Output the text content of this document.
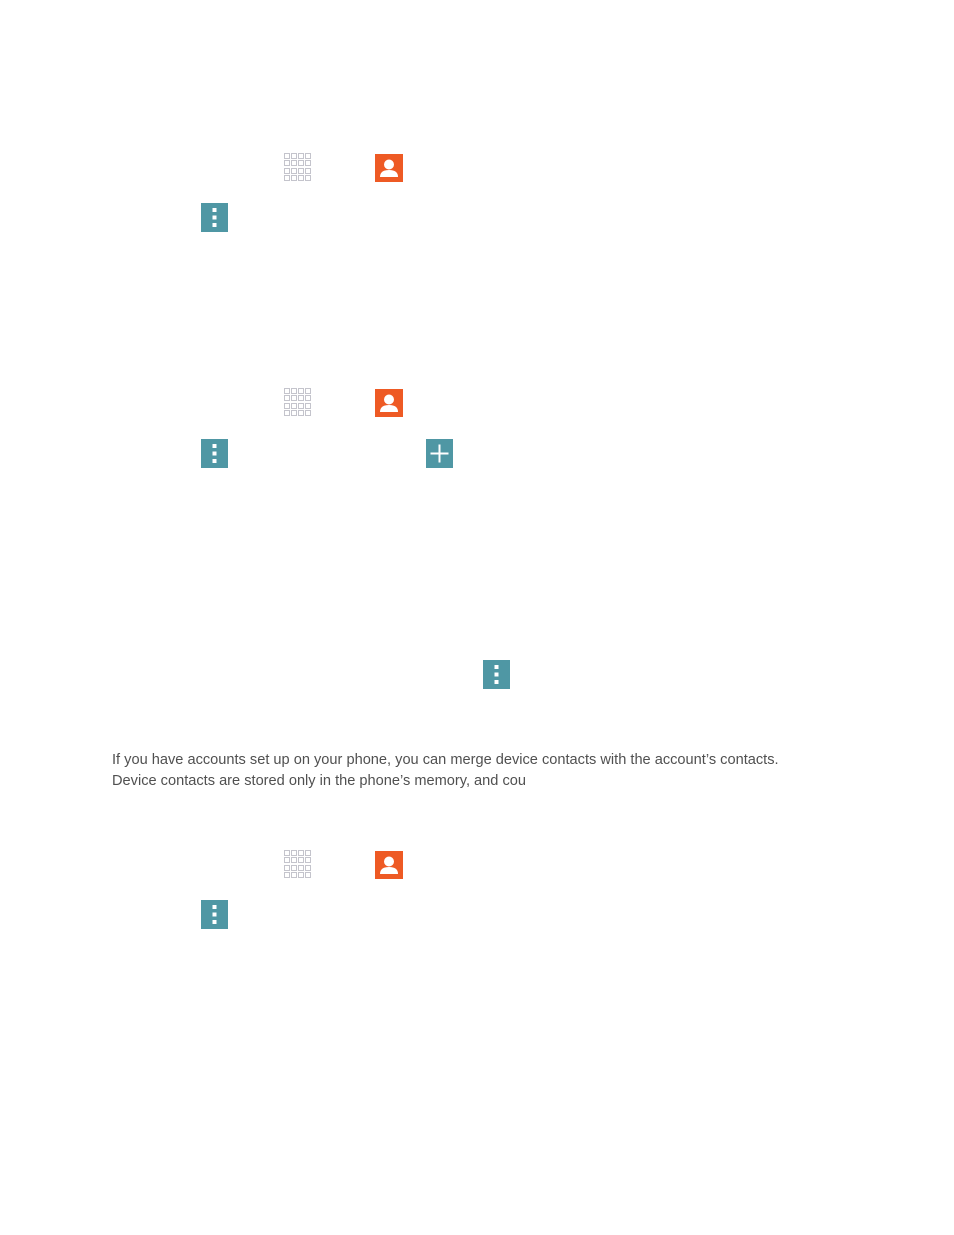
If you have accounts set up on your phone, you can merge device contacts with the account’s contacts.
Device contacts are stored only in the phone’s memory, and cou
